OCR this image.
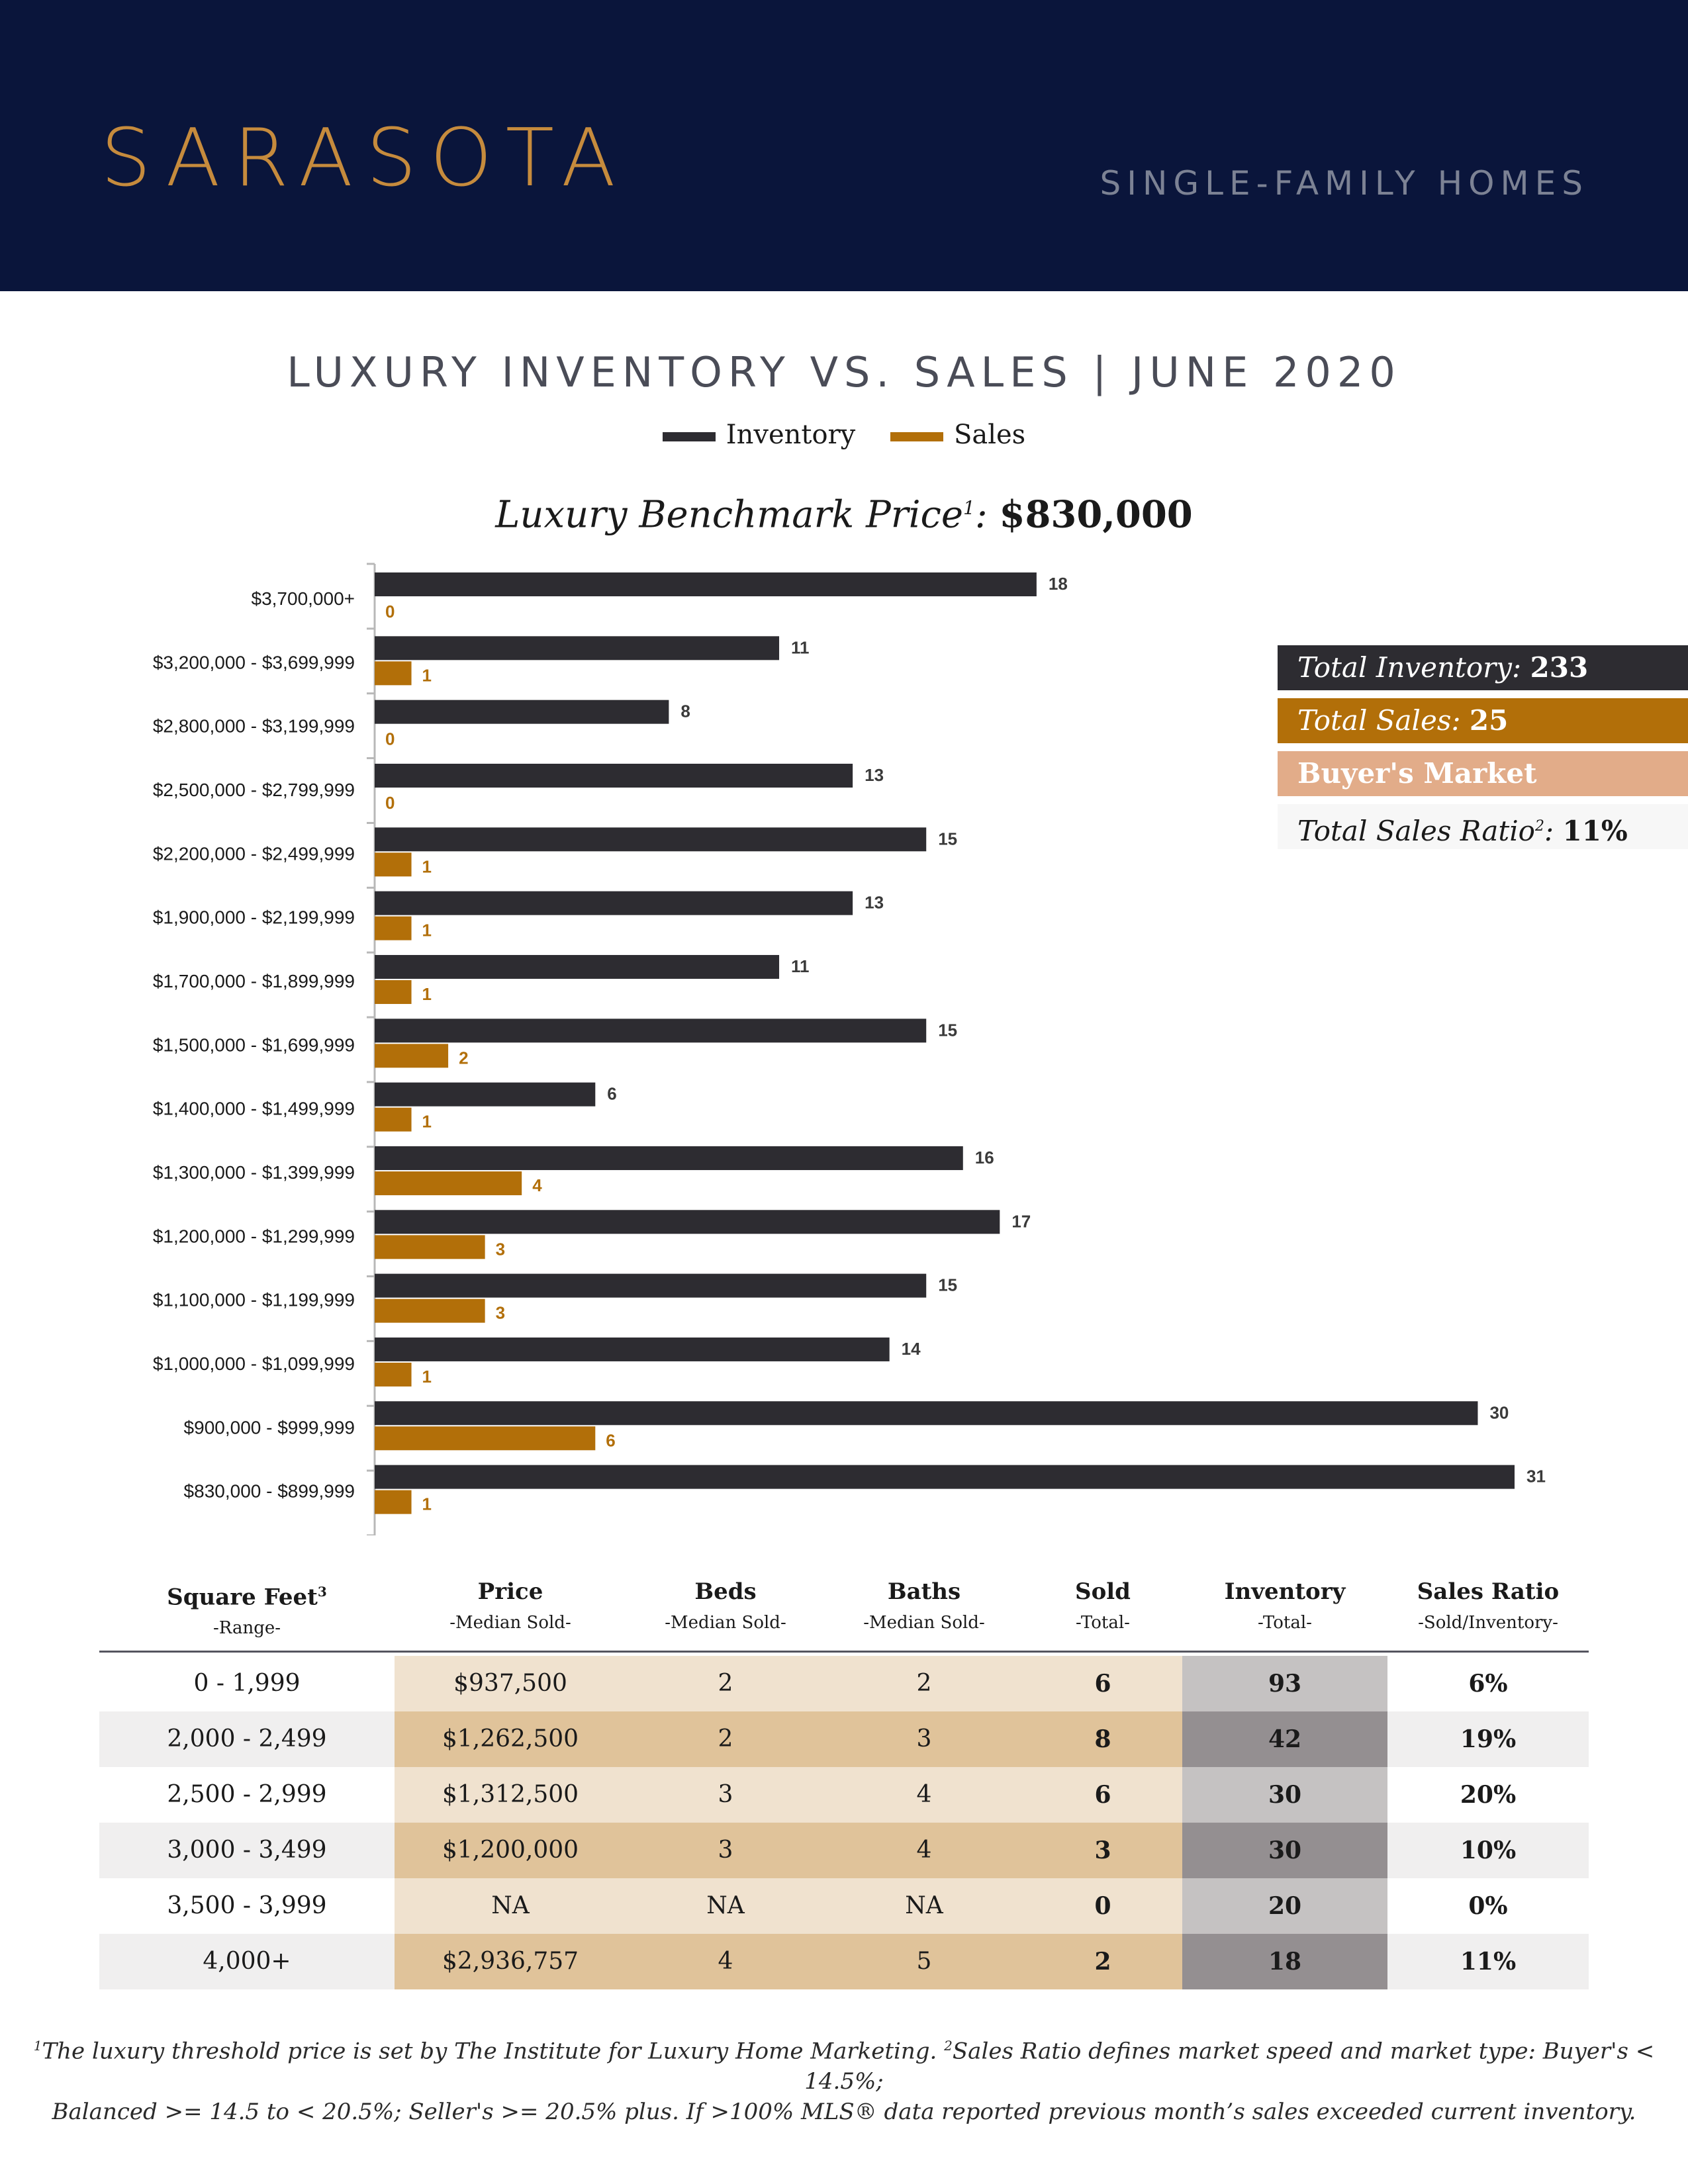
SARASOTA	SINGLE-FAMILY HOMES
LUXURY INVENTORY VS. SALES | JUNE 2020
Inventory	Sales
Luxury Benchmark Price$^1$: $830,000
$3,700,000+
18
0
$3,200,000 - $3,699,999
11
1
$2,800,000 - $3,199,999
8
0
$2,500,000 - $2,799,999
13
0
$2,200,000 - $2,499,999
15
1
$1,900,000 - $2,199,999
13
1
$1,700,000 - $1,899,999
11
1
$1,500,000 - $1,699,999
15
2
$1,400,000 - $1,499,999
6
1
$1,300,000 - $1,399,999
16
4
$1,200,000 - $1,299,999
17
3
$1,100,000 - $1,199,999
15
3
$1,000,000 - $1,099,999
14
1
$900,000 - $999,999
30
6
$830,000 - $899,999
31
1
Total Inventory: 233
Total Sales: 25
Buyer's Market
Total Sales Ratio$^2$: 11%
Square Feet$^3$
-Range-
Price
-Median Sold-
Beds
-Median Sold-
Baths
-Median Sold-
Sold
-Total-
Inventory
-Total-
Sales Ratio
-Sold/Inventory-
0 - 1,999	$937,500	2	2	6	93	6%
2,000 - 2,499	$1,262,500	2	3	8	42	19%
2,500 - 2,999	$1,312,500	3	4	6	30	20%
3,000 - 3,499	$1,200,000	3	4	3	30	10%
3,500 - 3,999	NA	NA	NA	0	20	0%
4,000+	$2,936,757	4	5	2	18	11%
$^1$The luxury threshold price is set by The Institute for Luxury Home Marketing. $^2$Sales Ratio defines market speed and market type: Buyer's < 14.5%;
Balanced >= 14.5 to < 20.5%; Seller's >= 20.5% plus. If >100% MLS® data reported previous month’s sales exceeded current inventory.
